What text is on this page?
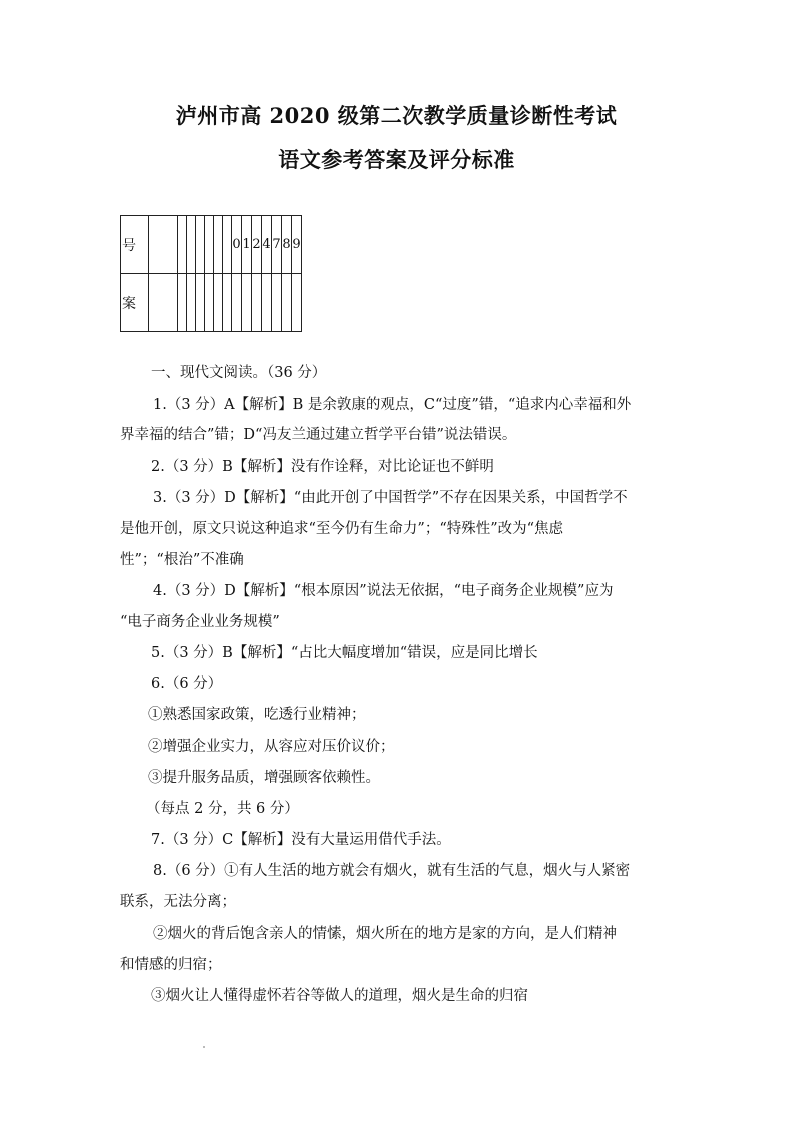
泸州市高 2020 级第二次教学质量诊断性考试
语文参考答案及评分标准
号								0	1	2	4	7	8	9
案														
一、现代文阅读。（36 分）
1.（3 分）A【解析】B 是余敦康的观点，C“过度”错，“追求内心幸福和外
界幸福的结合”错；D“冯友兰通过建立哲学平台错”说法错误。
2.（3 分）B【解析】没有作诠释，对比论证也不鲜明
3.（3 分）D【解析】“由此开创了中国哲学”不存在因果关系，中国哲学不
是他开创，原文只说这种追求“至今仍有生命力”；“特殊性”改为“焦虑
性”；“根治”不准确
4.（3 分）D【解析】“根本原因”说法无依据，“电子商务企业规模”应为
“电子商务企业业务规模”
5.（3 分）B【解析】“占比大幅度增加“错误，应是同比增长
6.（6 分）
①熟悉国家政策，吃透行业精神；
②增强企业实力，从容应对压价议价；
③提升服务品质，增强顾客依赖性。
（每点 2 分，共 6 分）
7.（3 分）C【解析】没有大量运用借代手法。
8.（6 分）①有人生活的地方就会有烟火，就有生活的气息，烟火与人紧密
联系，无法分离；
②烟火的背后饱含亲人的情愫，烟火所在的地方是家的方向，是人们精神
和情感的归宿；
③烟火让人懂得虚怀若谷等做人的道理，烟火是生命的归宿
